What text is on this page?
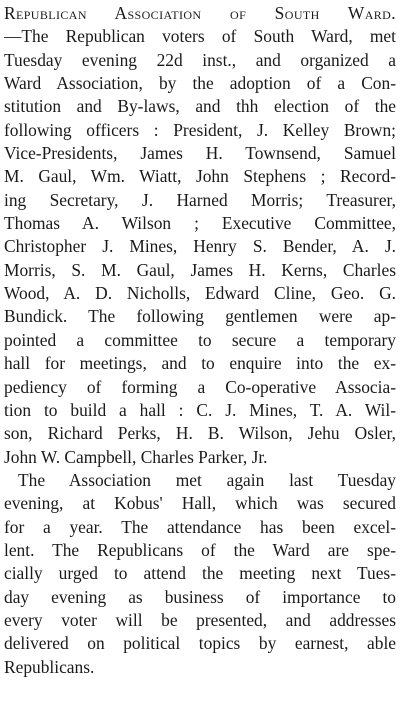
Republican Association of South Ward.
—The Republican voters of South Ward, met
Tuesday evening 22d inst., and organized a
Ward Association, by the adoption of a Con-
stitution and By-laws, and thh election of the
following officers : President, J. Kelley Brown;
Vice-Presidents, James H. Townsend, Samuel
M. Gaul, Wm. Wiatt, John Stephens ; Record-
ing Secretary, J. Harned Morris; Treasurer,
Thomas A. Wilson ; Executive Committee,
Christopher J. Mines, Henry S. Bender, A. J.
Morris, S. M. Gaul, James H. Kerns, Charles
Wood, A. D. Nicholls, Edward Cline, Geo. G.
Bundick. The following gentlemen were ap-
pointed a committee to secure a temporary
hall for meetings, and to enquire into the ex-
pediency of forming a Co-operative Associa-
tion to build a hall : C. J. Mines, T. A. Wil-
son, Richard Perks, H. B. Wilson, Jehu Osler,
John W. Campbell, Charles Parker, Jr.
The Association met again last Tuesday
evening, at Kobus' Hall, which was secured
for a year. The attendance has been excel-
lent. The Republicans of the Ward are spe-
cially urged to attend the meeting next Tues-
day evening as business of importance to
every voter will be presented, and addresses
delivered on political topics by earnest, able
Republicans.
